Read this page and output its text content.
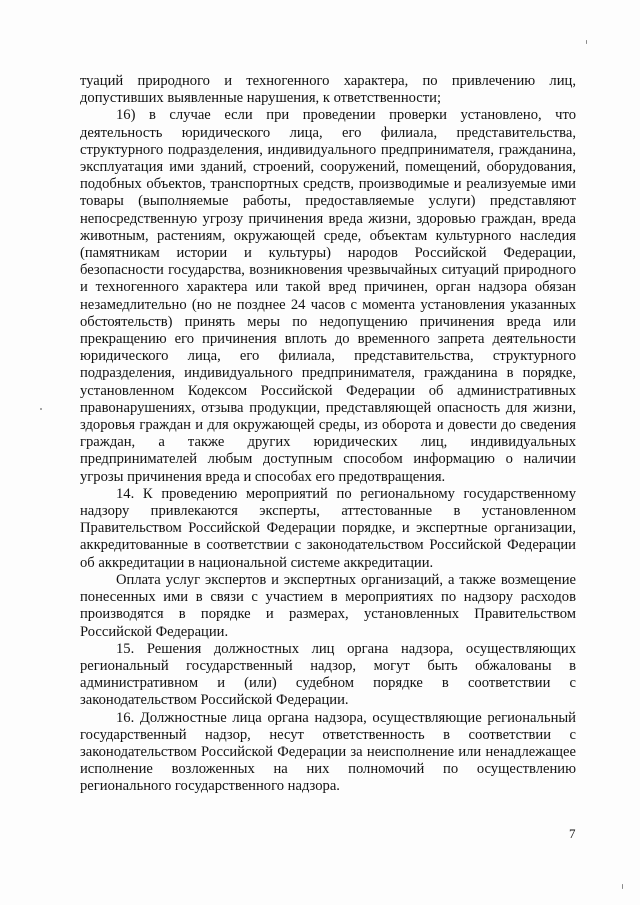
туаций природного и техногенного характера, по привлечению лиц, допустивших выявленные нарушения, к ответственности;

16) в случае если при проведении проверки установлено, что деятельность юридического лица, его филиала, представительства, структурного подразделения, индивидуального предпринимателя, гражданина, эксплуатация ими зданий, строений, сооружений, помещений, оборудования, подобных объектов, транспортных средств, производимые и реализуемые ими товары (выполняемые работы, предоставляемые услуги) представляют непосредственную угрозу причинения вреда жизни, здоровью граждан, вреда животным, растениям, окружающей среде, объектам культурного наследия (памятникам истории и культуры) народов Российской Федерации, безопасности государства, возникновения чрезвычайных ситуаций природного и техногенного характера или такой вред причинен, орган надзора обязан незамедлительно (но не позднее 24 часов с момента установления указанных обстоятельств) принять меры по недопущению причинения вреда или прекращению его причинения вплоть до временного запрета деятельности юридического лица, его филиала, представительства, структурного подразделения, индивидуального предпринимателя, гражданина в порядке, установленном Кодексом Российской Федерации об административных правонарушениях, отзыва продукции, представляющей опасность для жизни, здоровья граждан и для окружающей среды, из оборота и довести до сведения граждан, а также других юридических лиц, индивидуальных предпринимателей любым доступным способом информацию о наличии угрозы причинения вреда и способах его предотвращения.

14. К проведению мероприятий по региональному государственному надзору привлекаются эксперты, аттестованные в установленном Правительством Российской Федерации порядке, и экспертные организации, аккредитованные в соответствии с законодательством Российской Федерации об аккредитации в национальной системе аккредитации.

Оплата услуг экспертов и экспертных организаций, а также возмещение понесенных ими в связи с участием в мероприятиях по надзору расходов производятся в порядке и размерах, установленных Правительством Российской Федерации.

15. Решения должностных лиц органа надзора, осуществляющих региональный государственный надзор, могут быть обжалованы в административном и (или) судебном порядке в соответствии с законодательством Российской Федерации.

16. Должностные лица органа надзора, осуществляющие региональный государственный надзор, несут ответственность в соответствии с законодательством Российской Федерации за неисполнение или ненадлежащее исполнение возложенных на них полномочий по осуществлению регионального государственного надзора.

7
